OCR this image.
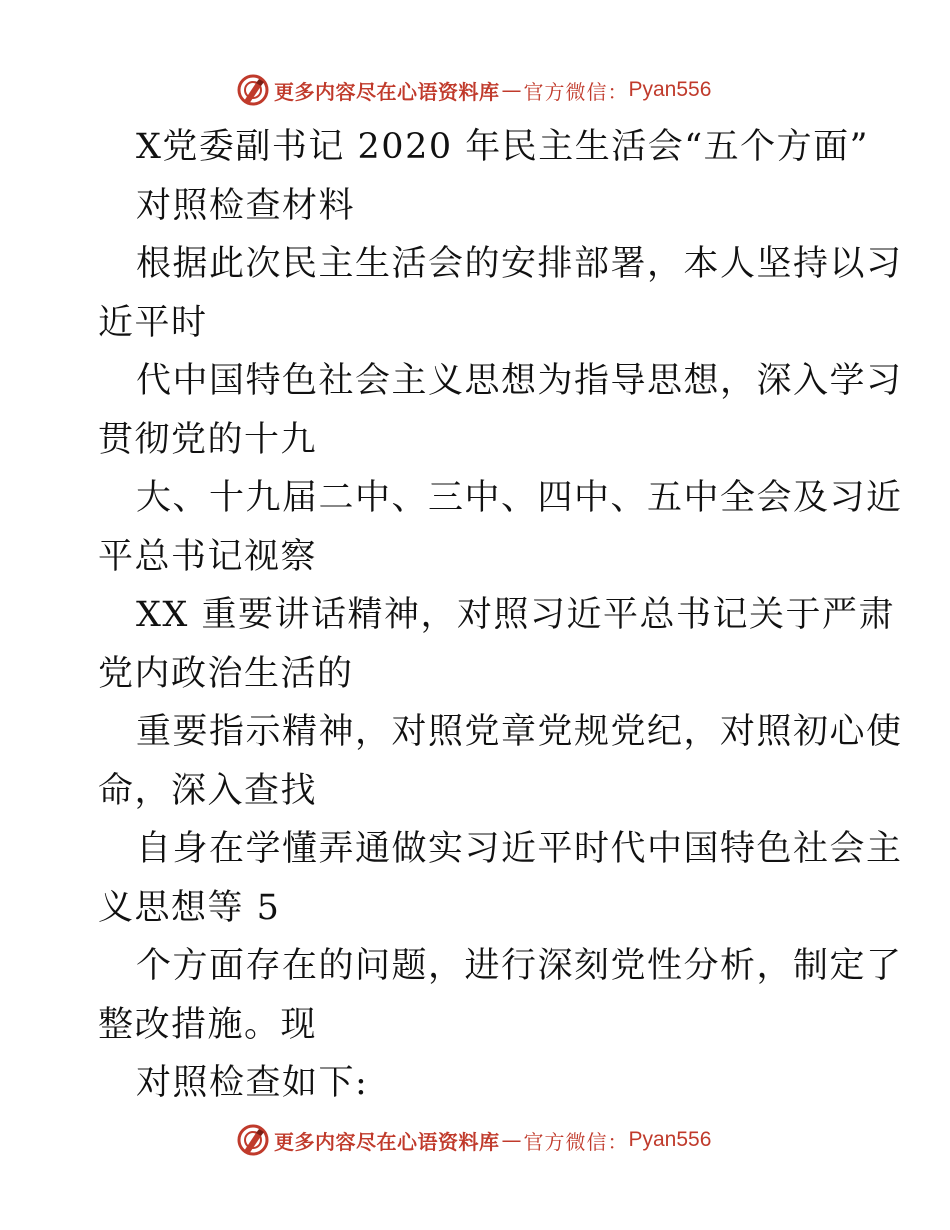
更多内容尽在心语资料库 — 官方微信： Pyan556
X党委副书记 2020 年民主生活会“五个方面”
对照检查材料
根据此次民主生活会的安排部署，本人坚持以习
近平时
代中国特色社会主义思想为指导思想，深入学习
贯彻党的十九
大、十九届二中、三中、四中、五中全会及习近
平总书记视察
XX 重要讲话精神，对照习近平总书记关于严肃
党内政治生活的
重要指示精神，对照党章党规党纪，对照初心使
命，深入查找
自身在学懂弄通做实习近平时代中国特色社会主
义思想等 5
个方面存在的问题，进行深刻党性分析，制定了
整改措施。现
对照检查如下:
更多内容尽在心语资料库 — 官方微信： Pyan556
